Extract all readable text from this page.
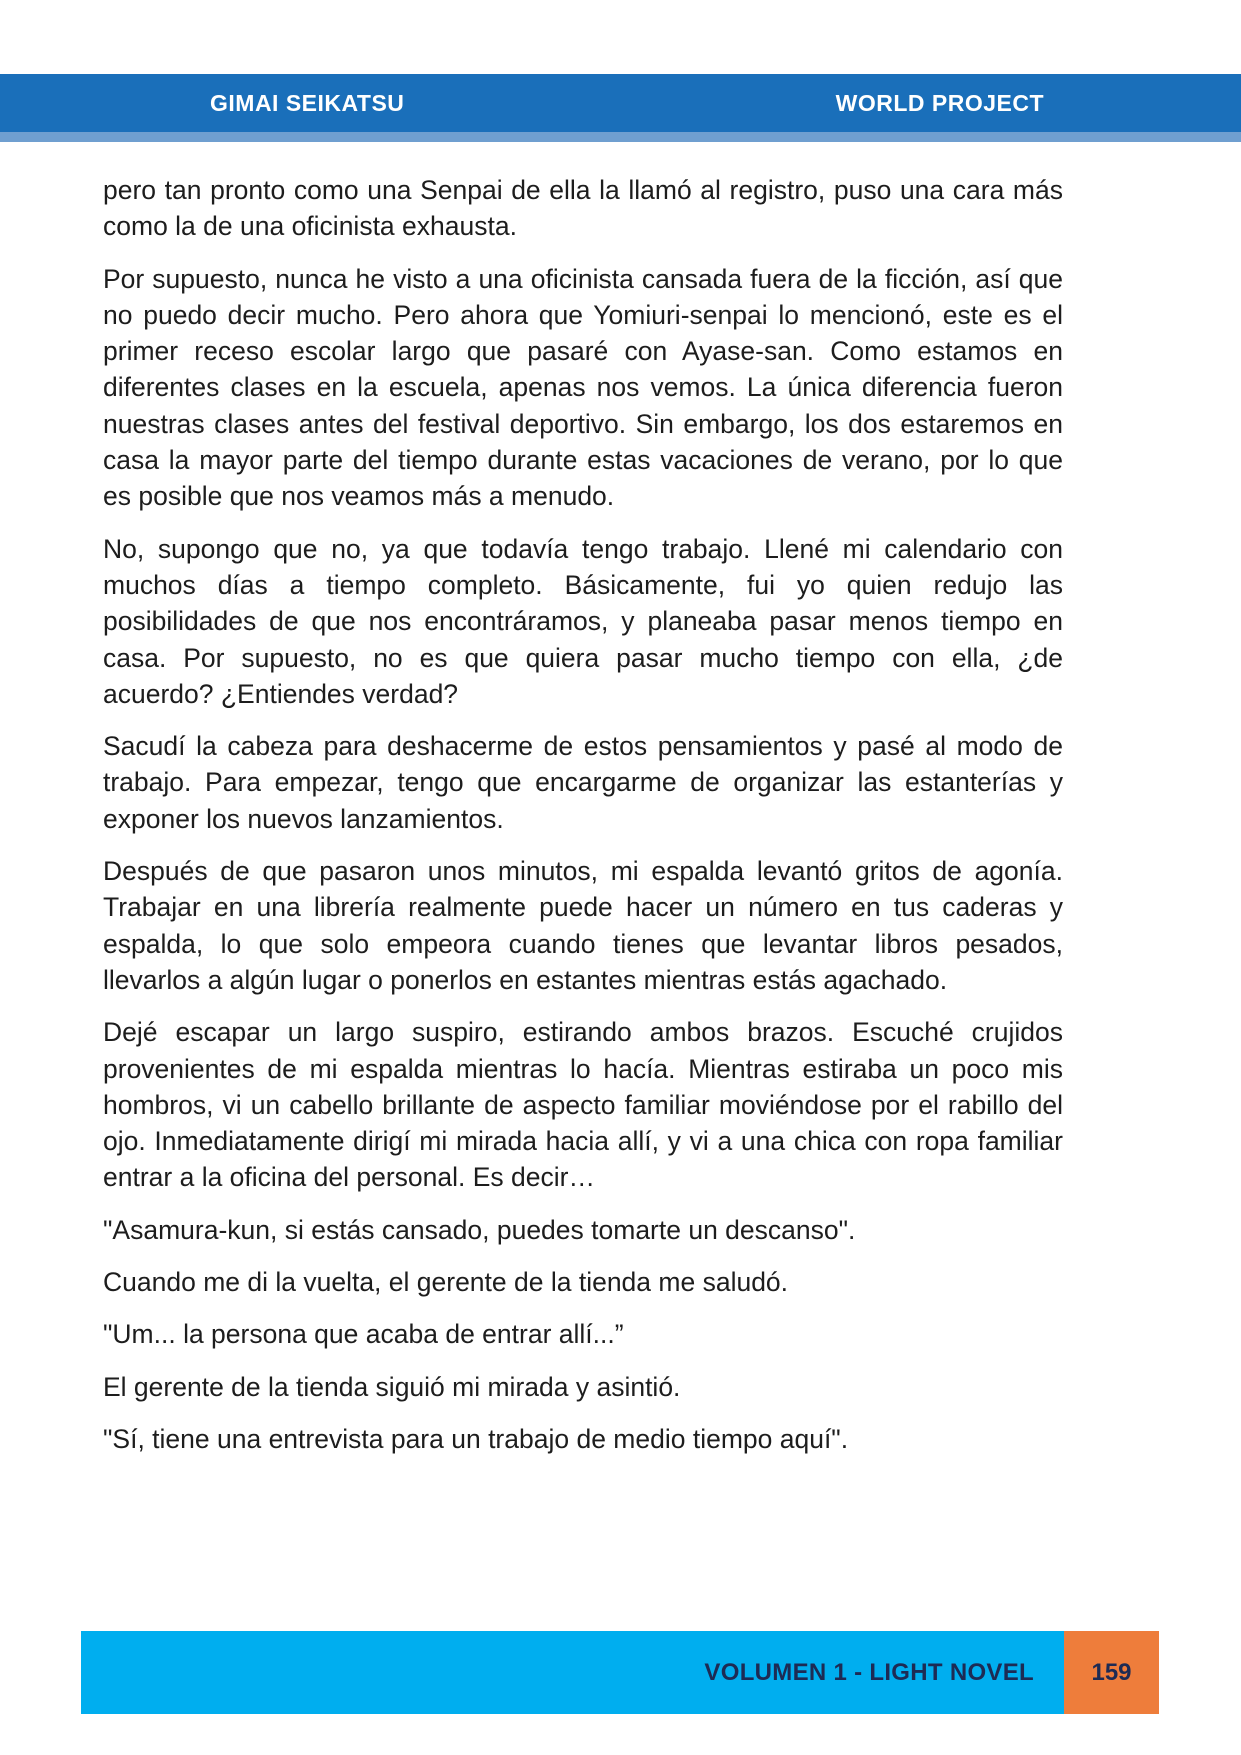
GIMAI SEIKATSU	WORLD PROJECT

pero tan pronto como una Senpai de ella la llamó al registro, puso una cara más como la de una oficinista exhausta.

Por supuesto, nunca he visto a una oficinista cansada fuera de la ficción, así que no puedo decir mucho. Pero ahora que Yomiuri-senpai lo mencionó, este es el primer receso escolar largo que pasaré con Ayase-san. Como estamos en diferentes clases en la escuela, apenas nos vemos. La única diferencia fueron nuestras clases antes del festival deportivo. Sin embargo, los dos estaremos en casa la mayor parte del tiempo durante estas vacaciones de verano, por lo que es posible que nos veamos más a menudo.

No, supongo que no, ya que todavía tengo trabajo. Llené mi calendario con muchos días a tiempo completo. Básicamente, fui yo quien redujo las posibilidades de que nos encontráramos, y planeaba pasar menos tiempo en casa. Por supuesto, no es que quiera pasar mucho tiempo con ella, ¿de acuerdo? ¿Entiendes verdad?

Sacudí la cabeza para deshacerme de estos pensamientos y pasé al modo de trabajo. Para empezar, tengo que encargarme de organizar las estanterías y exponer los nuevos lanzamientos.

Después de que pasaron unos minutos, mi espalda levantó gritos de agonía. Trabajar en una librería realmente puede hacer un número en tus caderas y espalda, lo que solo empeora cuando tienes que levantar libros pesados, llevarlos a algún lugar o ponerlos en estantes mientras estás agachado.

Dejé escapar un largo suspiro, estirando ambos brazos. Escuché crujidos provenientes de mi espalda mientras lo hacía. Mientras estiraba un poco mis hombros, vi un cabello brillante de aspecto familiar moviéndose por el rabillo del ojo. Inmediatamente dirigí mi mirada hacia allí, y vi a una chica con ropa familiar entrar a la oficina del personal. Es decir…

"Asamura-kun, si estás cansado, puedes tomarte un descanso".

Cuando me di la vuelta, el gerente de la tienda me saludó.

"Um... la persona que acaba de entrar allí...”

El gerente de la tienda siguió mi mirada y asintió.

"Sí, tiene una entrevista para un trabajo de medio tiempo aquí".

VOLUMEN 1 - LIGHT NOVEL	159
